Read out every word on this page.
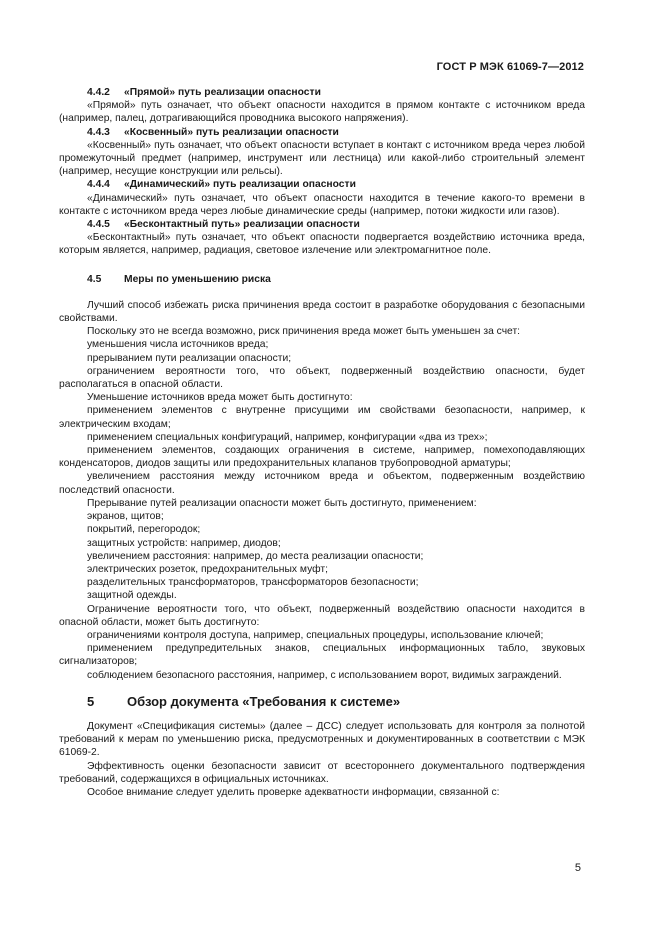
ГОСТ Р МЭК 61069-7—2012

4.4.2 «Прямой» путь реализации опасности

«Прямой» путь означает, что объект опасности находится в прямом контакте с источником вреда (например, палец, дотрагивающийся проводника высокого напряжения).

4.4.3 «Косвенный» путь реализации опасности

«Косвенный» путь означает, что объект опасности вступает в контакт с источником вреда через любой промежуточный предмет (например, инструмент или лестница) или какой-либо строительный элемент (например, несущие конструкции или рельсы).

4.4.4 «Динамический» путь реализации опасности

«Динамический» путь означает, что объект опасности находится в течение какого-то времени в контакте с источником вреда через любые динамические среды (например, потоки жидкости или газов).

4.4.5 «Бесконтактный путь» реализации опасности

«Бесконтактный» путь означает, что объект опасности подвергается воздействию источника вреда, которым является, например, радиация, световое излечение или электромагнитное поле.

4.5 Меры по уменьшению риска

Лучший способ избежать риска причинения вреда состоит в разработке оборудования с безопасными свойствами.

Поскольку это не всегда возможно, риск причинения вреда может быть уменьшен за счет:

уменьшения числа источников вреда;

прерыванием пути реализации опасности;

ограничением вероятности того, что объект, подверженный воздействию опасности, будет располагаться в опасной области.

Уменьшение источников вреда может быть достигнуто:

применением элементов с внутренне присущими им свойствами безопасности, например, к электрическим входам;

применением специальных конфигураций, например, конфигурации «два из трех»;

применением элементов, создающих ограничения в системе, например, помехоподавляющих конденсаторов, диодов защиты или предохранительных клапанов трубопроводной арматуры;

увеличением расстояния между источником вреда и объектом, подверженным воздействию последствий опасности.

Прерывание путей реализации опасности может быть достигнуто, применением:

экранов, щитов;

покрытий, перегородок;

защитных устройств: например, диодов;

увеличением расстояния: например, до места реализации опасности;

электрических розеток, предохранительных муфт;

разделительных трансформаторов, трансформаторов безопасности;

защитной одежды.

Ограничение вероятности того, что объект, подверженный воздействию опасности находится в опасной области, может быть достигнуто:

ограничениями контроля доступа, например, специальных процедуры, использование ключей;

применением предупредительных знаков, специальных информационных табло, звуковых сигнализаторов;

соблюдением безопасного расстояния, например, с использованием ворот, видимых заграждений.

5	Обзор документа «Требования к системе»

Документ «Спецификация системы» (далее – ДСС) следует использовать для контроля за полнотой требований к мерам по уменьшению риска, предусмотренных и документированных в соответствии с МЭК 61069-2.

Эффективность оценки безопасности зависит от всестороннего документального подтверждения требований, содержащихся в официальных источниках.

Особое внимание следует уделить проверке адекватности информации, связанной с:

5
